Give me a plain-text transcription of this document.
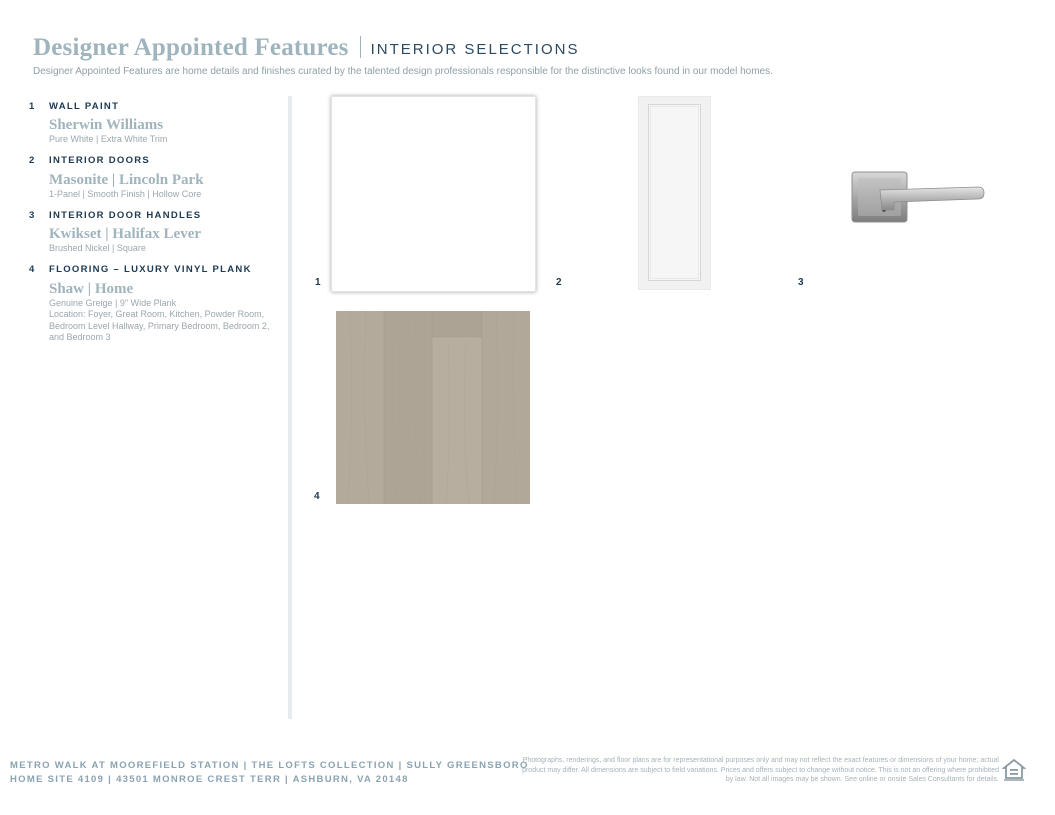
Designer Appointed Features INTERIOR SELECTIONS
Designer Appointed Features are home details and finishes curated by the talented design professionals responsible for the distinctive looks found in our model homes.
1	WALL PAINT
Sherwin Williams
Pure White | Extra White Trim
2	INTERIOR DOORS
Masonite | Lincoln Park
1-Panel | Smooth Finish | Hollow Core
3	INTERIOR DOOR HANDLES
Kwikset | Halifax Lever
Brushed Nickel | Square
4	FLOORING – LUXURY VINYL PLANK
Shaw | Home
Genuine Greige | 9" Wide Plank
Location: Foyer, Great Room, Kitchen, Powder Room, Bedroom Level Hallway, Primary Bedroom, Bedroom 2, and Bedroom 3
1	2	3
4
METRO WALK AT MOOREFIELD STATION | THE LOFTS COLLECTION | SULLY GREENSBORO
HOME SITE 4109 | 43501 MONROE CREST TERR | ASHBURN, VA 20148
Photographs, renderings, and floor plans are for representational purposes only and may not reflect the exact features or dimensions of your home; actual product may differ. All dimensions are subject to field variations. Prices and offers subject to change without notice. This is not an offering where prohibited by law. Not all images may be shown. See online or onsite Sales Consultants for details.
